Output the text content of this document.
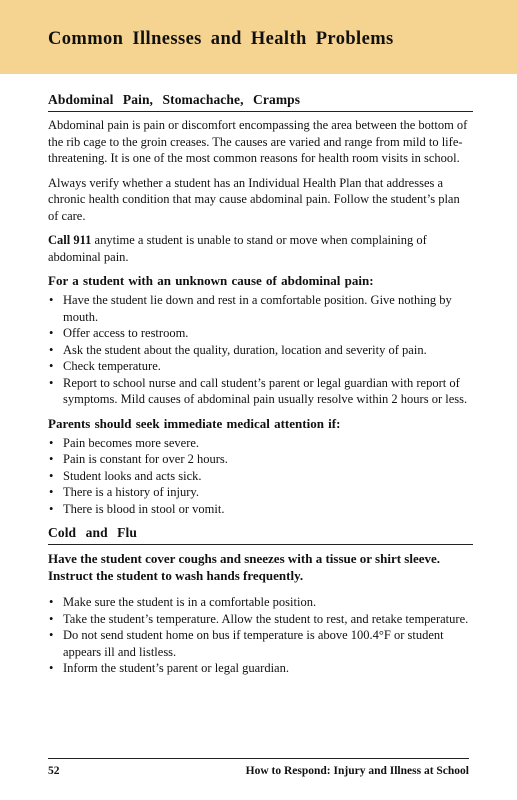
Common Illnesses and Health Problems
Abdominal Pain, Stomachache, Cramps

Abdominal pain is pain or discomfort encompassing the area between the bottom of the rib cage to the groin creases. The causes are varied and range from mild to life-threatening. It is one of the most common reasons for health room visits in school.

Always verify whether a student has an Individual Health Plan that addresses a chronic health condition that may cause abdominal pain. Follow the student’s plan of care.

Call 911 anytime a student is unable to stand or move when complaining of abdominal pain.

For a student with an unknown cause of abdominal pain:
• Have the student lie down and rest in a comfortable position. Give nothing by mouth.
• Offer access to restroom.
• Ask the student about the quality, duration, location and severity of pain.
• Check temperature.
• Report to school nurse and call student’s parent or legal guardian with report of symptoms. Mild causes of abdominal pain usually resolve within 2 hours or less.
Parents should seek immediate medical attention if:
• Pain becomes more severe.
• Pain is constant for over 2 hours.
• Student looks and acts sick.
• There is a history of injury.
• There is blood in stool or vomit.
Cold and Flu

Have the student cover coughs and sneezes with a tissue or shirt sleeve. Instruct the student to wash hands frequently.

• Make sure the student is in a comfortable position.
• Take the student’s temperature. Allow the student to rest, and retake temperature.
• Do not send student home on bus if temperature is above 100.4°F or student appears ill and listless.
• Inform the student’s parent or legal guardian.
52	How to Respond: Injury and Illness at School
